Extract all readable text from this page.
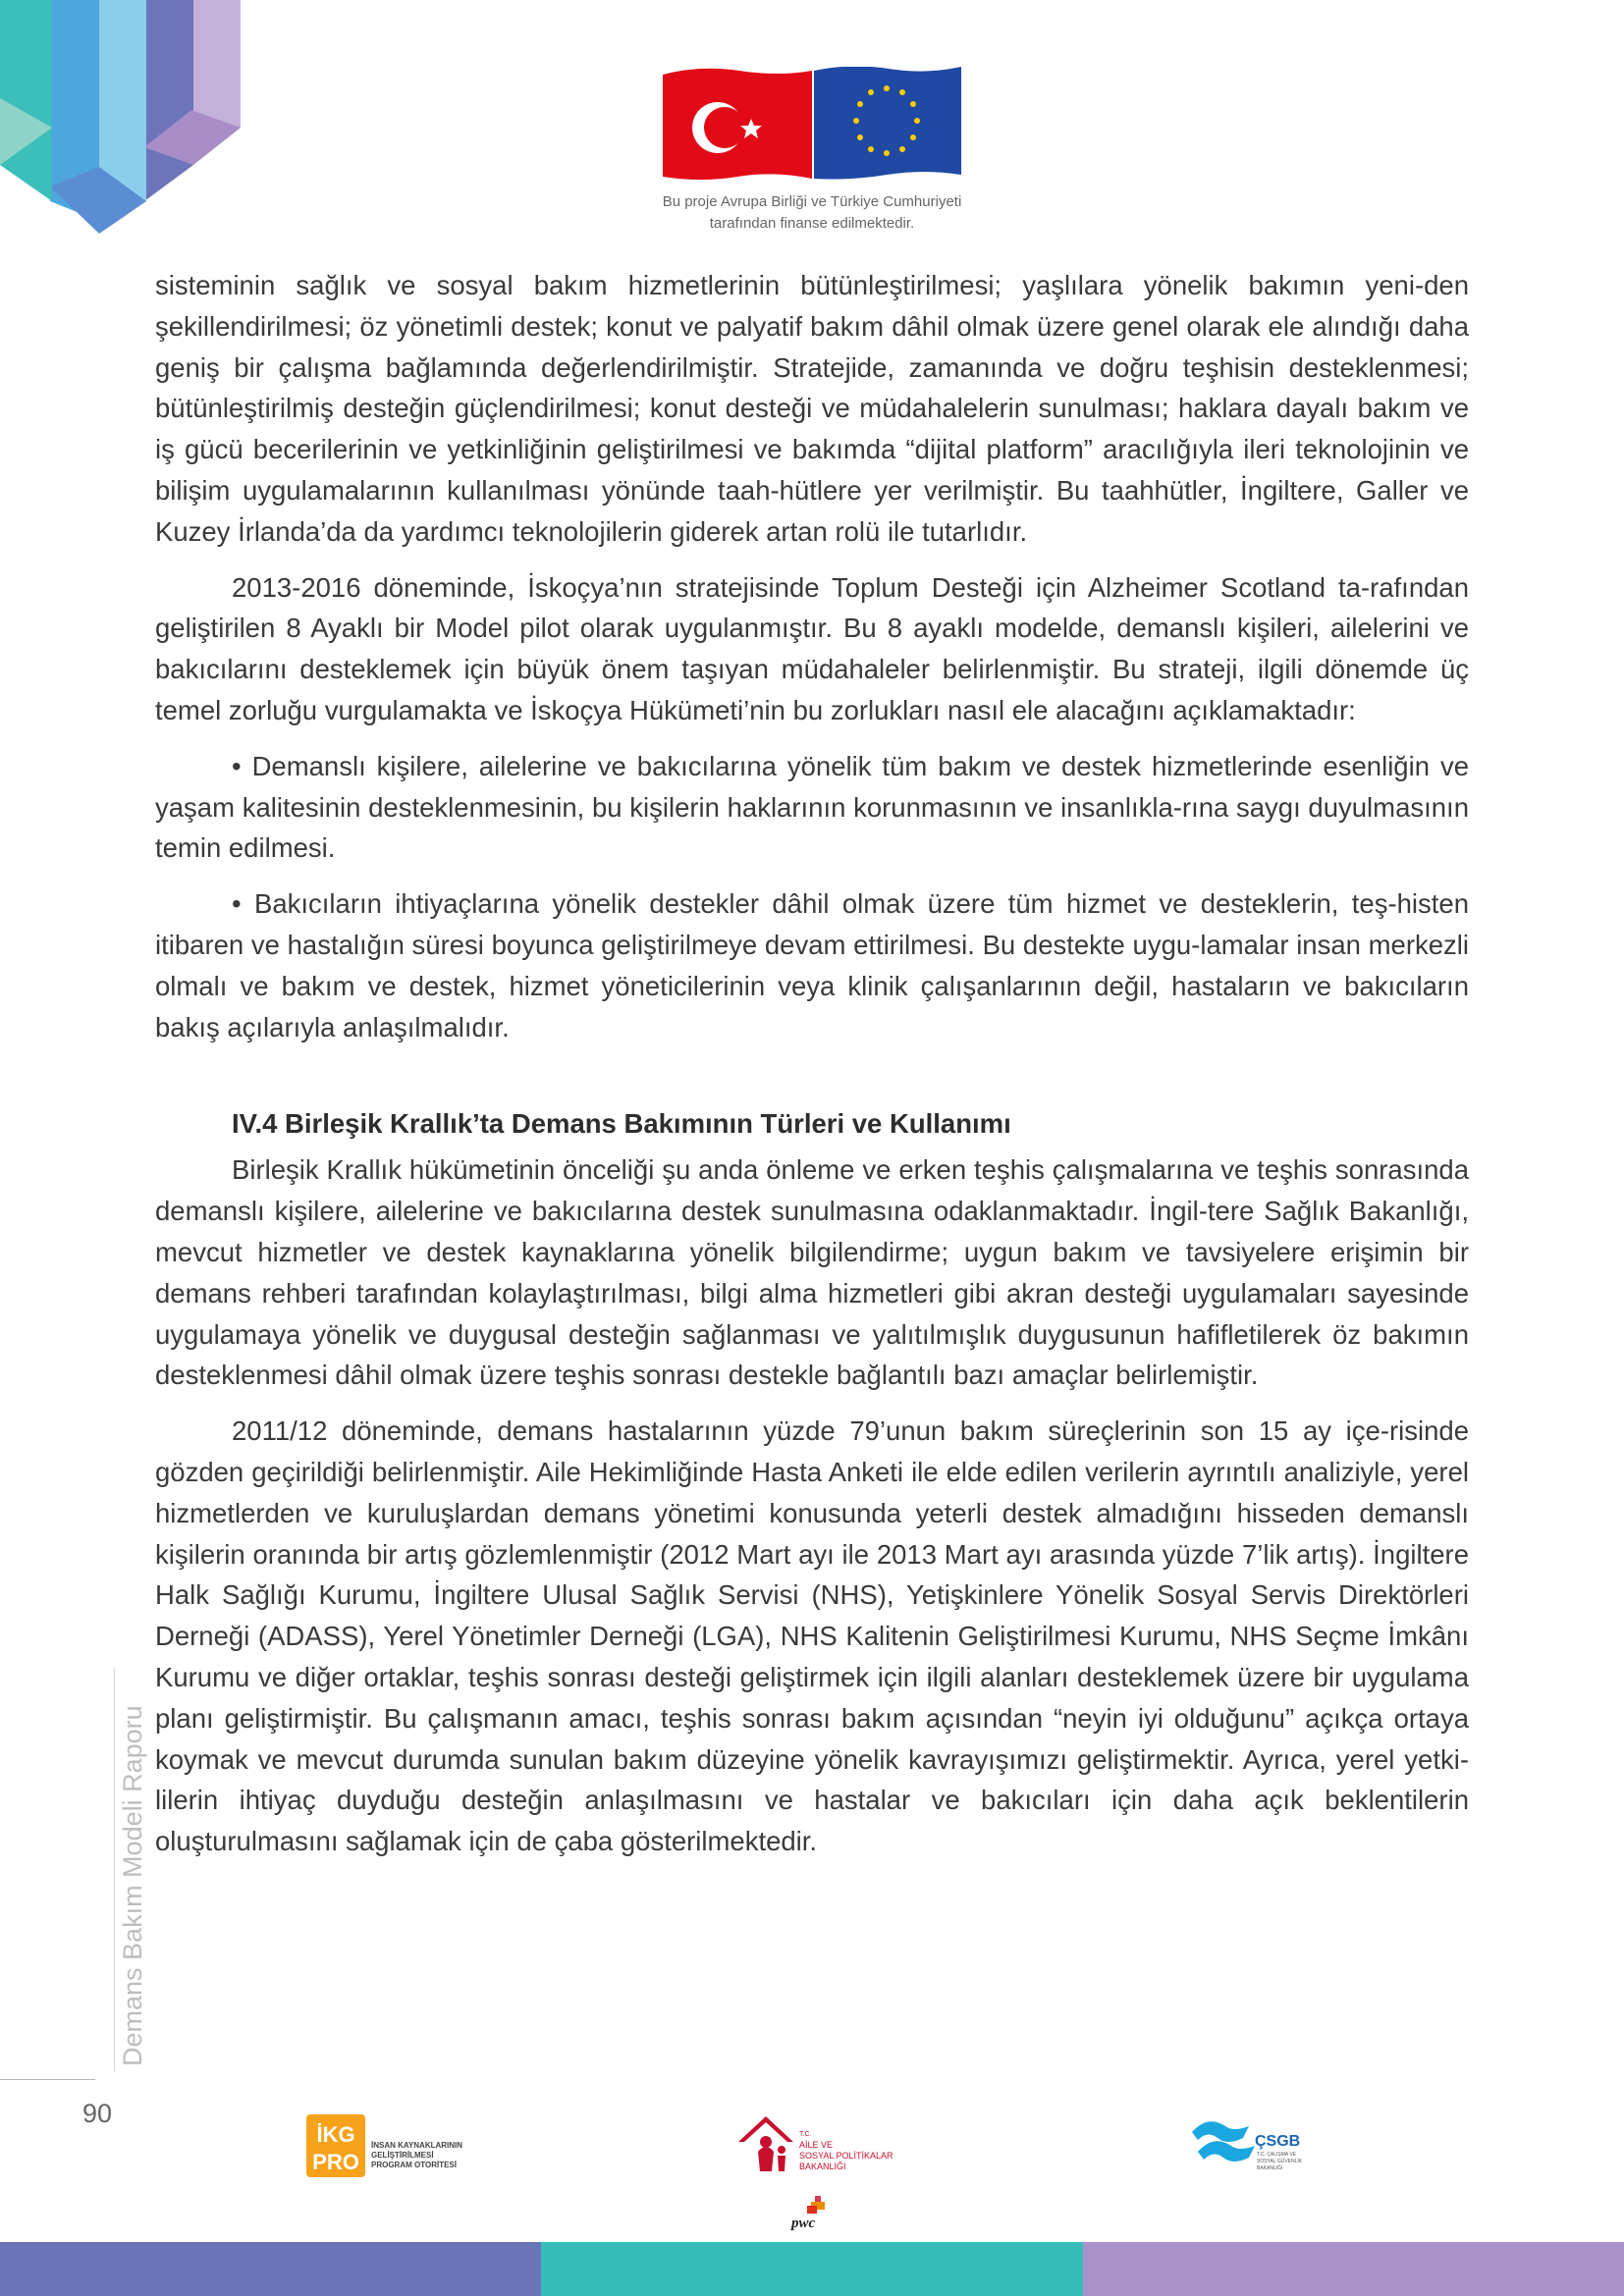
Bu proje Avrupa Birliği ve Türkiye Cumhuriyeti
tarafından finanse edilmektedir.

sisteminin sağlık ve sosyal bakım hizmetlerinin bütünleştirilmesi; yaşlılara yönelik bakımın yeni-den şekillendirilmesi; öz yönetimli destek; konut ve palyatif bakım dâhil olmak üzere genel olarak ele alındığı daha geniş bir çalışma bağlamında değerlendirilmiştir. Stratejide, zamanında ve doğru teşhisin desteklenmesi; bütünleştirilmiş desteğin güçlendirilmesi; konut desteği ve müdahalelerin sunulması; haklara dayalı bakım ve iş gücü becerilerinin ve yetkinliğinin geliştirilmesi ve bakımda “dijital platform” aracılığıyla ileri teknolojinin ve bilişim uygulamalarının kullanılması yönünde taah-hütlere yer verilmiştir. Bu taahhütler, İngiltere, Galler ve Kuzey İrlanda’da da yardımcı teknolojilerin giderek artan rolü ile tutarlıdır.

2013-2016 döneminde, İskoçya’nın stratejisinde Toplum Desteği için Alzheimer Scotland ta-rafından geliştirilen 8 Ayaklı bir Model pilot olarak uygulanmıştır. Bu 8 ayaklı modelde, demanslı kişileri, ailelerini ve bakıcılarını desteklemek için büyük önem taşıyan müdahaleler belirlenmiştir. Bu strateji, ilgili dönemde üç temel zorluğu vurgulamakta ve İskoçya Hükümeti’nin bu zorlukları nasıl ele alacağını açıklamaktadır:

• Demanslı kişilere, ailelerine ve bakıcılarına yönelik tüm bakım ve destek hizmetlerinde esenliğin ve yaşam kalitesinin desteklenmesinin, bu kişilerin haklarının korunmasının ve insanlıkla-rına saygı duyulmasının temin edilmesi.

• Bakıcıların ihtiyaçlarına yönelik destekler dâhil olmak üzere tüm hizmet ve desteklerin, teş-histen itibaren ve hastalığın süresi boyunca geliştirilmeye devam ettirilmesi. Bu destekte uygu-lamalar insan merkezli olmalı ve bakım ve destek, hizmet yöneticilerinin veya klinik çalışanlarının değil, hastaların ve bakıcıların bakış açılarıyla anlaşılmalıdır.

IV.4 Birleşik Krallık’ta Demans Bakımının Türleri ve Kullanımı

Birleşik Krallık hükümetinin önceliği şu anda önleme ve erken teşhis çalışmalarına ve teşhis sonrasında demanslı kişilere, ailelerine ve bakıcılarına destek sunulmasına odaklanmaktadır. İngil-tere Sağlık Bakanlığı, mevcut hizmetler ve destek kaynaklarına yönelik bilgilendirme; uygun bakım ve tavsiyelere erişimin bir demans rehberi tarafından kolaylaştırılması, bilgi alma hizmetleri gibi akran desteği uygulamaları sayesinde uygulamaya yönelik ve duygusal desteğin sağlanması ve yalıtılmışlık duygusunun hafifletilerek öz bakımın desteklenmesi dâhil olmak üzere teşhis sonrası destekle bağlantılı bazı amaçlar belirlemiştir.

2011/12 döneminde, demans hastalarının yüzde 79’unun bakım süreçlerinin son 15 ay içe-risinde gözden geçirildiği belirlenmiştir. Aile Hekimliğinde Hasta Anketi ile elde edilen verilerin ayrıntılı analiziyle, yerel hizmetlerden ve kuruluşlardan demans yönetimi konusunda yeterli destek almadığını hisseden demanslı kişilerin oranında bir artış gözlemlenmiştir (2012 Mart ayı ile 2013 Mart ayı arasında yüzde 7’lik artış). İngiltere Halk Sağlığı Kurumu, İngiltere Ulusal Sağlık Servisi (NHS), Yetişkinlere Yönelik Sosyal Servis Direktörleri Derneği (ADASS), Yerel Yönetimler Derneği (LGA), NHS Kalitenin Geliştirilmesi Kurumu, NHS Seçme İmkânı Kurumu ve diğer ortaklar, teşhis sonrası desteği geliştirmek için ilgili alanları desteklemek üzere bir uygulama planı geliştirmiştir. Bu çalışmanın amacı, teşhis sonrası bakım açısından “neyin iyi olduğunu” açıkça ortaya koymak ve mevcut durumda sunulan bakım düzeyine yönelik kavrayışımızı geliştirmektir. Ayrıca, yerel yetki-lilerin ihtiyaç duyduğu desteğin anlaşılmasını ve hastalar ve bakıcıları için daha açık beklentilerin oluşturulmasını sağlamak için de çaba gösterilmektedir.

Demans Bakım Modeli Raporu
90
İKG
PRO
İNSAN KAYNAKLARININ
GELİŞTİRİLMESİ
PROGRAM OTORİTESİ
T.C.
AİLE VE
SOSYAL POLİTİKALAR
BAKANLIĞI
ÇSGB
T.C. ÇALIŞMA VE
SOSYAL GÜVENLİK
BAKANLIĞI
pwc
